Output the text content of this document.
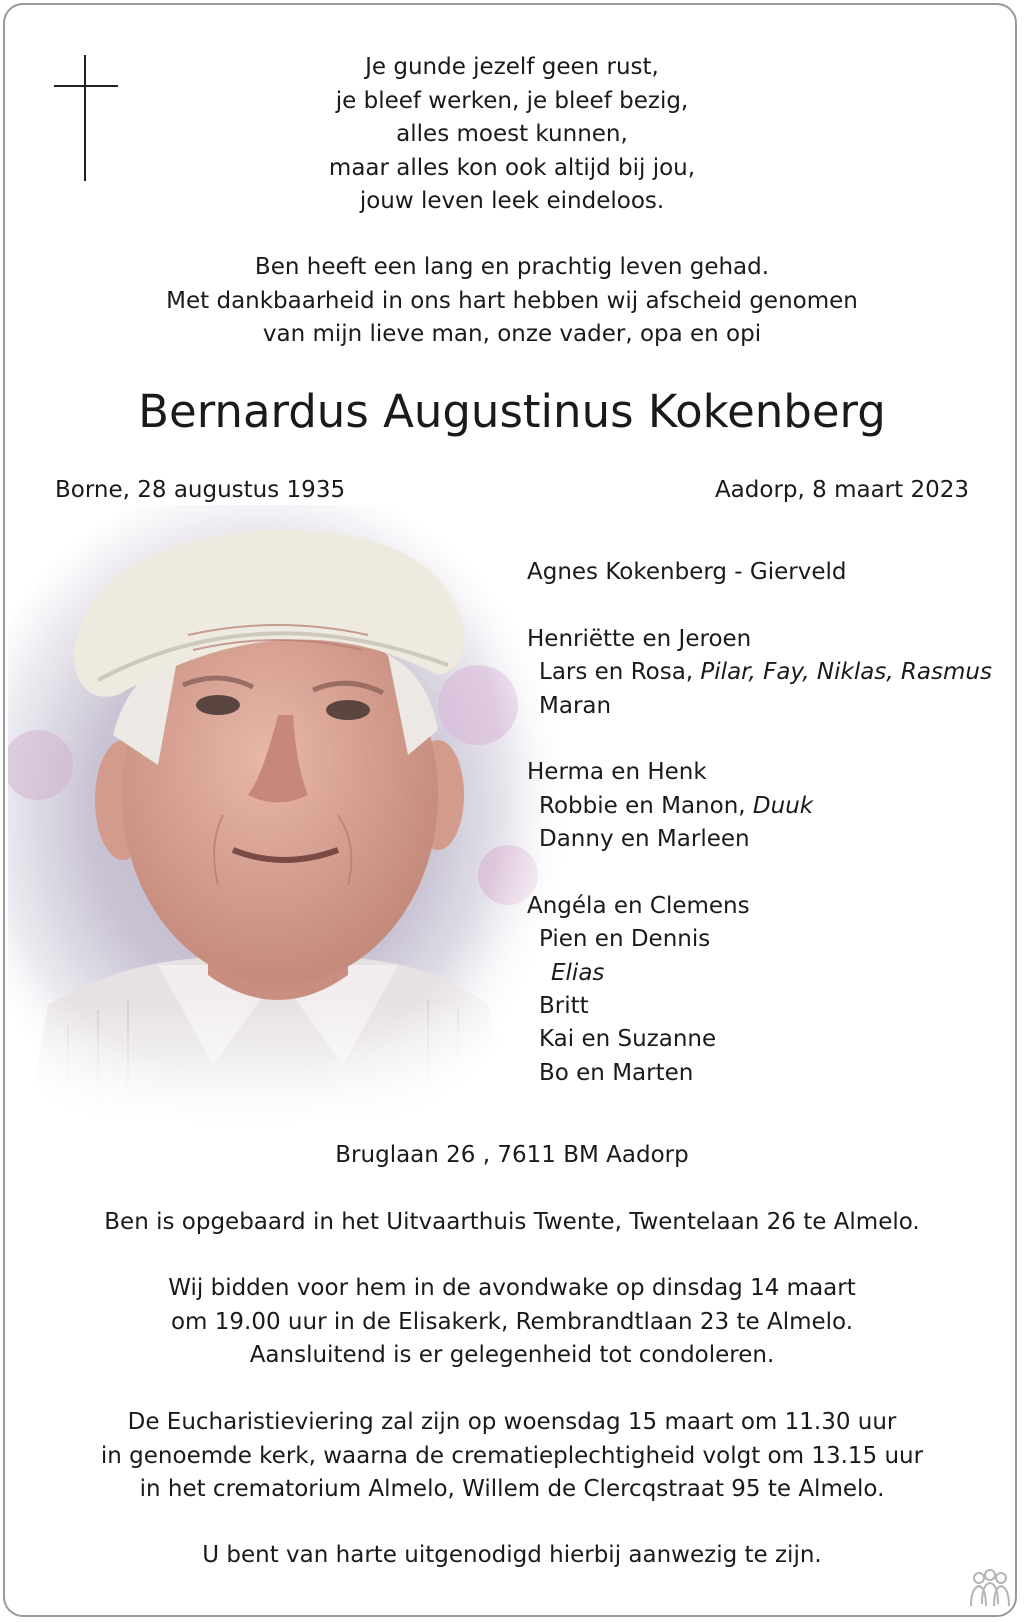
Je gunde jezelf geen rust,
je bleef werken, je bleef bezig,
alles moest kunnen,
maar alles kon ook altijd bij jou,
jouw leven leek eindeloos.
Ben heeft een lang en prachtig leven gehad.
Met dankbaarheid in ons hart hebben wij afscheid genomen
van mijn lieve man, onze vader, opa en opi
Bernardus Augustinus Kokenberg
Borne, 28 augustus 1935	Aadorp, 8 maart 2023
Agnes Kokenberg - Gierveld
Henriëtte en Jeroen
Lars en Rosa, Pilar, Fay, Niklas, Rasmus
Maran
Herma en Henk
Robbie en Manon, Duuk
Danny en Marleen
Angéla en Clemens
Pien en Dennis
Elias
Britt
Kai en Suzanne
Bo en Marten
Bruglaan 26 , 7611 BM Aadorp
Ben is opgebaard in het Uitvaarthuis Twente, Twentelaan 26 te Almelo.
Wij bidden voor hem in de avondwake op dinsdag 14 maart
om 19.00 uur in de Elisakerk, Rembrandtlaan 23 te Almelo.
Aansluitend is er gelegenheid tot condoleren.
De Eucharistieviering zal zijn op woensdag 15 maart om 11.30 uur
in genoemde kerk, waarna de crematieplechtigheid volgt om 13.15 uur
in het crematorium Almelo, Willem de Clercqstraat 95 te Almelo.
U bent van harte uitgenodigd hierbij aanwezig te zijn.
